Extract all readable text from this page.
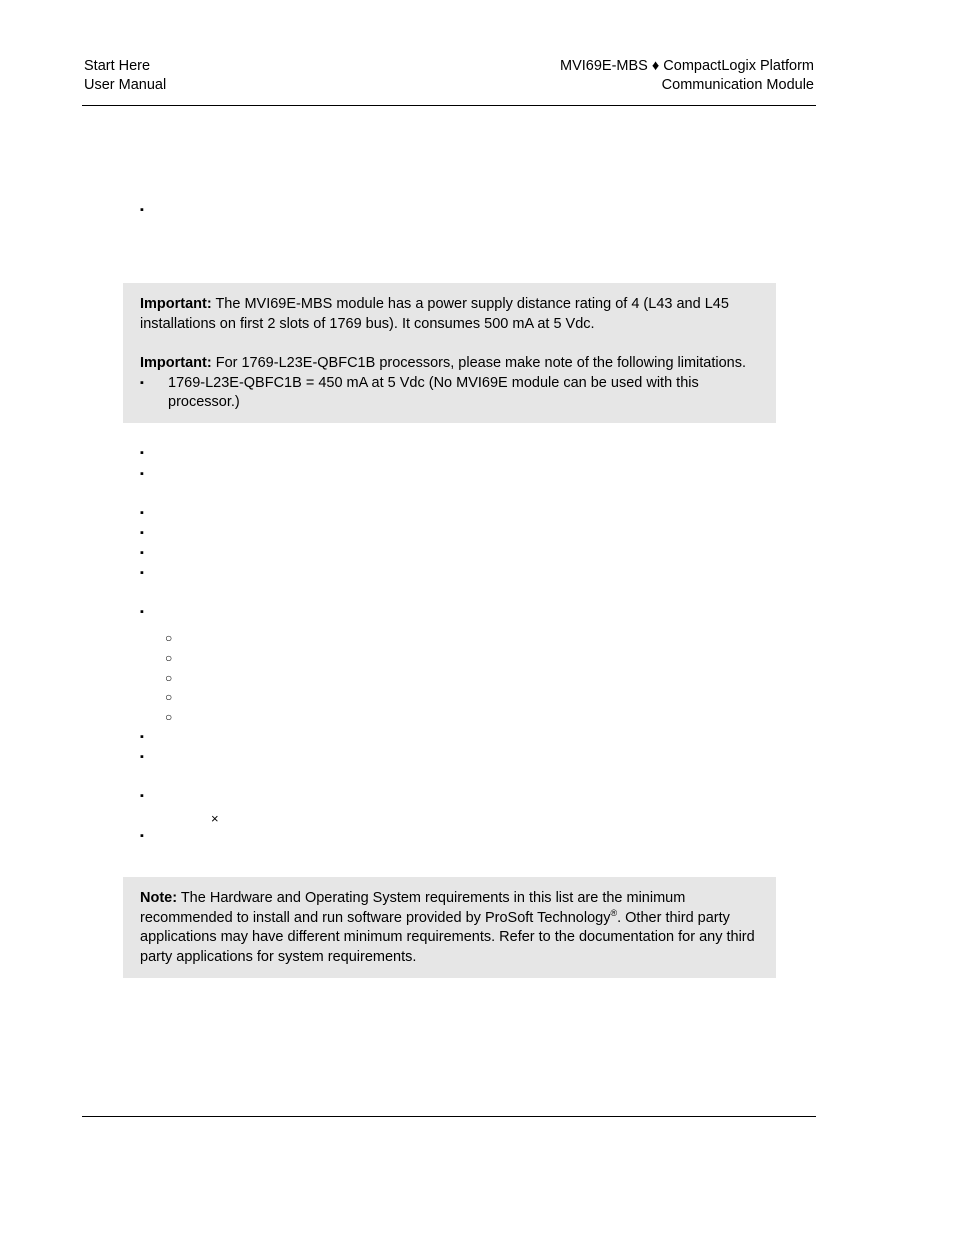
Start Here
User Manual
MVI69E-MBS ♦ CompactLogix Platform
Communication Module
▪

Important: The MVI69E-MBS module has a power supply distance rating of 4 (L43 and L45 installations on first 2 slots of 1769 bus). It consumes 500 mA at 5 Vdc.

Important: For 1769-L23E-QBFC1B processors, please make note of the following limitations.

▪ 1769-L23E-QBFC1B = 450 mA at 5 Vdc (No MVI69E module can be used with this processor.)
▪
▪
▪
▪
▪
▪
▪
○
○
○
○
○
▪
▪
▪
×
▪

Note: The Hardware and Operating System requirements in this list are the minimum recommended to install and run software provided by ProSoft Technology®. Other third party applications may have different minimum requirements. Refer to the documentation for any third party applications for system requirements.
